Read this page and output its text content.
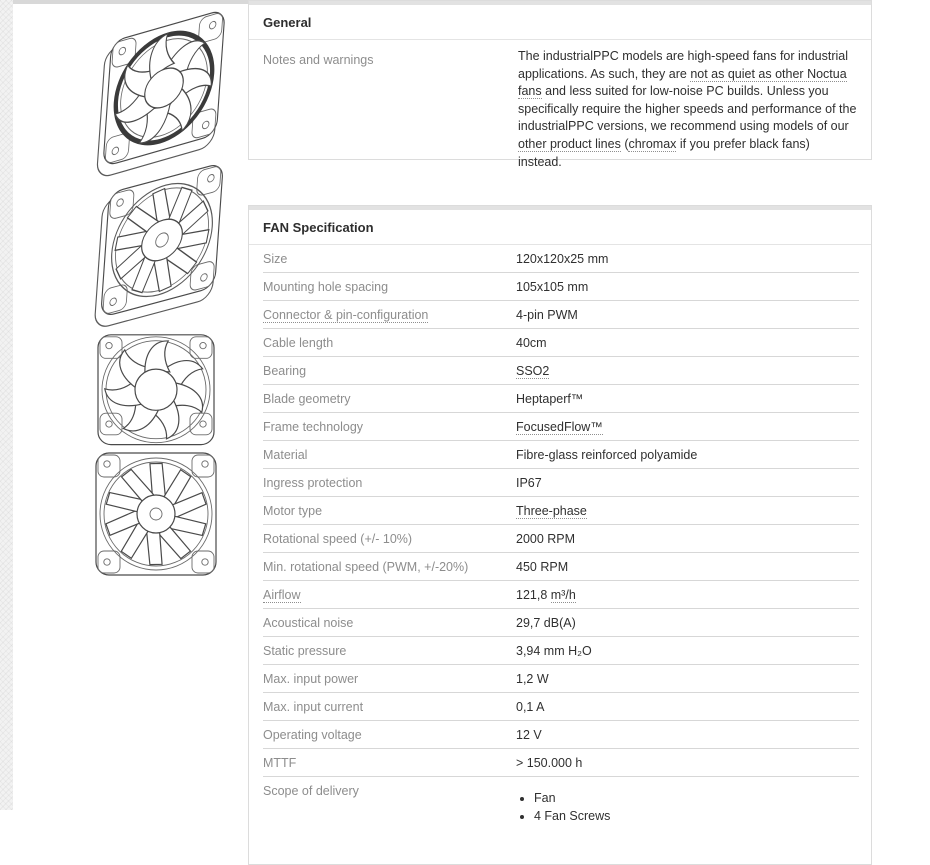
General
Notes and warnings	The industrialPPC models are high-speed fans for industrial applications. As such, they are not as quiet as other Noctua fans and less suited for low-noise PC builds. Unless you specifically require the higher speeds and performance of the industrialPPC versions, we recommend using models of our other product lines (chromax if you prefer black fans) instead.
FAN Specification
Size	120x120x25 mm
Mounting hole spacing	105x105 mm
Connector & pin-configuration	4-pin PWM
Cable length	40cm
Bearing	SSO2
Blade geometry	Heptaperf™
Frame technology	FocusedFlow™
Material	Fibre-glass reinforced polyamide
Ingress protection	IP67
Motor type	Three-phase
Rotational speed (+/- 10%)	2000 RPM
Min. rotational speed (PWM, +/-20%)	450 RPM
Airflow	121,8 m³/h
Acoustical noise	29,7 dB(A)
Static pressure	3,94 mm H₂O
Max. input power	1,2 W
Max. input current	0,1 A
Operating voltage	12 V
MTTF	> 150.000 h
Scope of delivery	• Fan
• 4 Fan Screws
